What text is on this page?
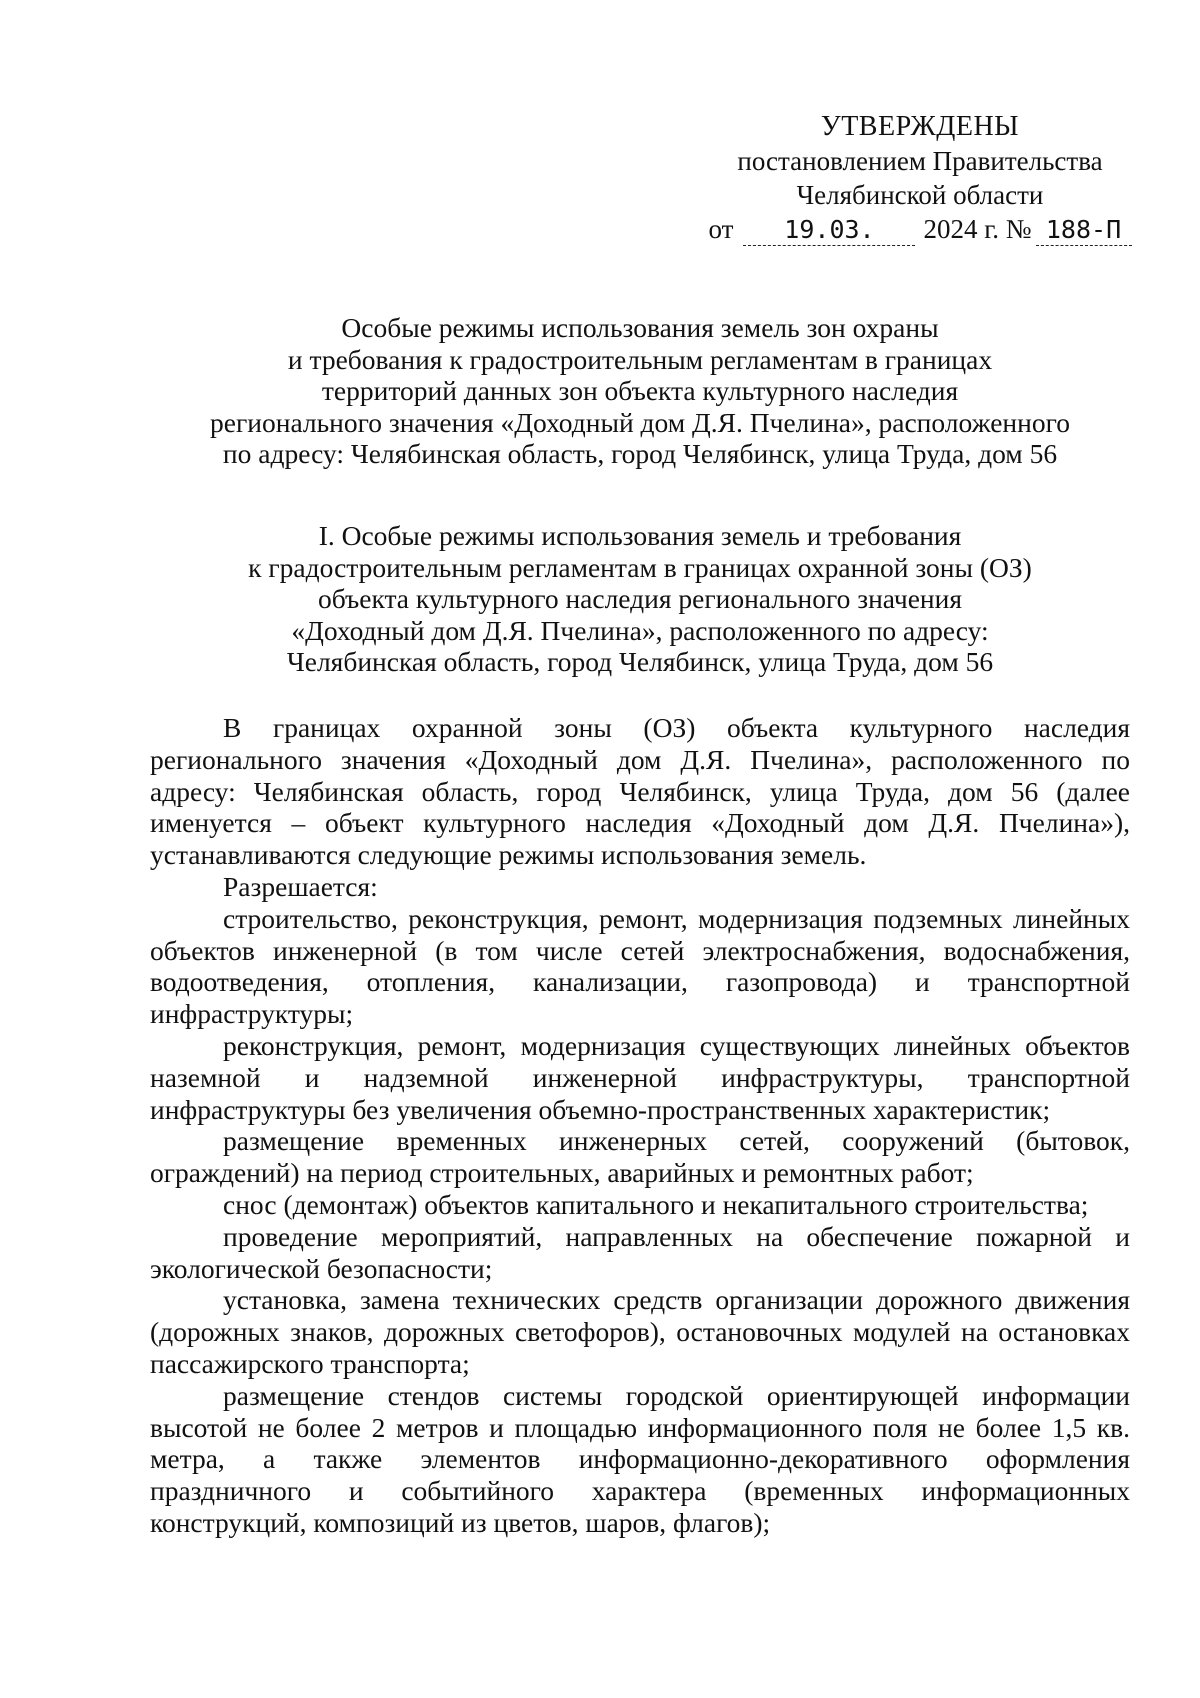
УТВЕРЖДЕНЫ
постановлением Правительства
Челябинской области
от	19.03.	2024 г. № 188-П
Особые режимы использования земель зон охраны
и требования к градостроительным регламентам в границах
территорий данных зон объекта культурного наследия
регионального значения «Доходный дом Д.Я. Пчелина», расположенного
по адресу: Челябинская область, город Челябинск, улица Труда, дом 56
I. Особые режимы использования земель и требования
к градостроительным регламентам в границах охранной зоны (ОЗ)
объекта культурного наследия регионального значения
«Доходный дом Д.Я. Пчелина», расположенного по адресу:
Челябинская область, город Челябинск, улица Труда, дом 56

В границах охранной зоны (ОЗ) объекта культурного наследия регионального значения «Доходный дом Д.Я. Пчелина», расположенного по адресу: Челябинская область, город Челябинск, улица Труда, дом 56 (далее именуется – объект культурного наследия «Доходный дом Д.Я. Пчелина»), устанавливаются следующие режимы использования земель.

Разрешается:

строительство, реконструкция, ремонт, модернизация подземных линейных объектов инженерной (в том числе сетей электроснабжения, водоснабжения, водоотведения, отопления, канализации, газопровода) и транспортной инфраструктуры;

реконструкция, ремонт, модернизация существующих линейных объектов наземной и надземной инженерной инфраструктуры, транспортной инфраструктуры без увеличения объемно-пространственных характеристик;

размещение временных инженерных сетей, сооружений (бытовок, ограждений) на период строительных, аварийных и ремонтных работ;

снос (демонтаж) объектов капитального и некапитального строительства;

проведение мероприятий, направленных на обеспечение пожарной и экологической безопасности;

установка, замена технических средств организации дорожного движения (дорожных знаков, дорожных светофоров), остановочных модулей на остановках пассажирского транспорта;

размещение стендов системы городской ориентирующей информации высотой не более 2 метров и площадью информационного поля не более 1,5 кв. метра, а также элементов информационно-декоративного оформления праздничного и событийного характера (временных информационных конструкций, композиций из цветов, шаров, флагов);
